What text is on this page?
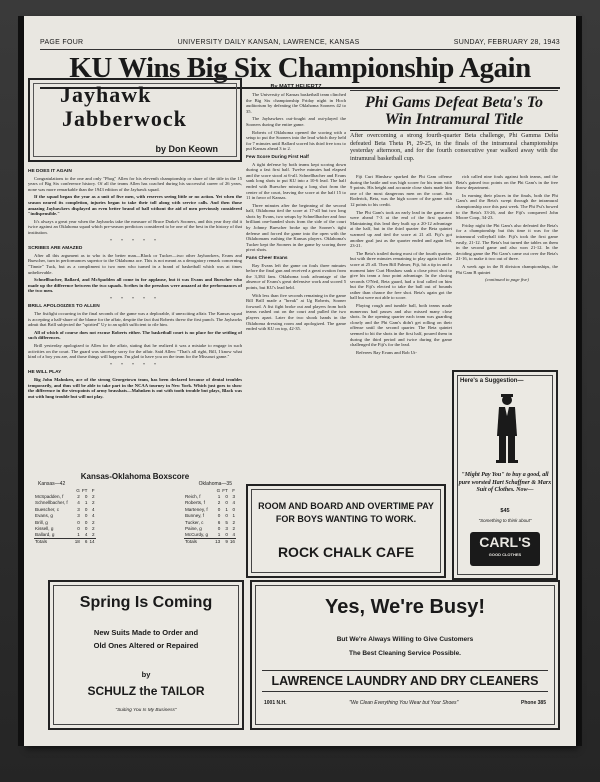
PAGE FOUR	UNIVERSITY DAILY KANSAN, LAWRENCE, KANSAS	SUNDAY, FEBRUARY 28, 1943
KU Wins Big Six Championship Again
Jayhawk
Jabberwock
by Don Keown
HE DOES IT AGAIN

Congratulations to the one and only "Phog" Allen for his eleventh championship or share of the title in the 15 years of Big Six conference history. Of all the teams Allen has coached during his successful career of 26 years, none was more remarkable than the 1943 edition of the Jayhawk squad.

If the squad began the year as a unit of five men, with reserves seeing little or no action. Yet when the season neared its completion, injuries began to take their toll along with service calls. And then those amazing Jayhawkers displayed an even better brand of ball without the aid of men previously considered "indispensible."

It's always a great year when the Jayhawks take the measure of Bruce Drake's Sooners, and this year they did it twice against an Oklahoma squad which pre-season predictors considered to be one of the best in the history of that institution.

* * * * *
SCRIBES ARE AMAZED

After all this argument as to who is the better man—Black or Tucker—two other Jayhawkers, Evans and Buescher, turn in performances superior to the Oklahoma ace. This is not meant as a derogatory remark concerning "Tinnie" Tuck, but as a compliment to two men who turned in a brand of basketball which was at times unbelievable.

Schnellbacher, Ballard, and McSpadden all come in for applause, but it was Evans and Buescher who made up the difference between the two squads. Scribes in the pressbox were amazed at the performances of the two men.

* * * * *
BRILL APOLOGIZES TO ALLEN

The fistfight occurring in the final seconds of the game was a deplorable, if unexciting affair. The Kansas squad is accepting a half-share of the blame for the affair, despite the fact that Roberts threw the first punch. The Jayhawks admit that Brill subjected the "spirited" Uy to an uplift sufficient to rile him.

All of which of course does not excuse Roberts either. The basketball court is no place for the settling of such differences.

Brill yesterday apologized to Allen for the affair, stating that he realized it was a mistake to engage in such activities on the court. The guard was sincerely sorry for the affair. Said Allen: "That's all right, Bill, I know what kind of a boy you are, and those things will happen. I'm glad to have you on the team for the Missouri game."

* * * * *
HE WILL PLAY

Big John Mahnken, ace of the strong Georgetown team, has been declared because of dental troubles temporarily, and thus will be able to take part in the NCAA tourney in New York. Which just goes to show the difference in the viewpoints of army brasshats—Mahnken is out with tooth trouble but plays, Black was out with lung trouble but will not play.

Kansas-Oklahoma Boxscore
Kansas—42	Oklahoma—35
	G	FT	F
McSpadden, f	2	0	2
Schnellbacher, f	4	1	2
Buescher, c	3	0	4
Evans, g	3	0	4
Brill, g	0	0	2
Kissell, g	0	0	2
Ballard, g	1	4	2
Totals	18	6	14
	G	FT	F
Reich, f	1	0	3
Roberts, f	2	0	4
Marteney, f	0	1	0
Bunney, f	0	0	1
Tucker, c	6	5	2
Paine, g	0	3	2
McCurdy, g	1	0	4
Totals	13	9	16
By MATT HEUERTZ

The University of Kansas basketball team clinched the Big Six championship Friday night in Hoch auditorium by defeating the Oklahoma Sooners 42 to 35.

The Jayhawkers out-fought and out-played the Sooners during the entire game.

Roberts of Oklahoma opened the scoring with a setup to put the Sooners into the lead which they held for 7 minutes until Ballard scored his third free toss to put Kansas ahead 3 to 2.

Few Score During First Half

A tight defense by both teams kept scoring down during a fast first half. Twelve minutes had elapsed and the score stood at 6-all. Schnellbacher and Evans sank long shots to put KU into a 10-6 lead. The half ended with Buescher missing a long shot from the center of the court, leaving the score at the half 15 to 11 in favor of Kansas.

Three minutes after the beginning of the second half, Oklahoma tied the score at 17-all but two long shots by Evans, two setups by Schnellbacher and four brilliant one-handed shots from the side of the court by Johnny Buescher broke up the Sooner's tight defense and forced the game into the open with the Oklahomans rushing the Kansas players. Oklahoma's Tucker kept the Sooners in the game by scoring three pivot shots.

Fans Cheer Evans

Ray Evans left the game on fouls three minutes before the final gun and received a great ovation from the 3,384 fans. Oklahoma took advantage of the absence of Evans's great defensive work and scored 5 points, but KU's lead held.

With less than five seconds remaining in the game Bill Brill made a "break" at Ug Roberts, Sooner forward. A fist fight broke out and players from both teams rushed out on the court and pulled the two players apart. Later the two shook hands in the Oklahoma dressing room and apologized. The game ended with KU on top, 42-35.

Phi Gams Defeat Beta's To Win Intramural Title
After overcoming a strong fourth-quarter Beta challenge, Phi Gamma Delta defeated Beta Theta Pi, 29-25, in the finals of the intramural championships yesterday afternoon, and for the fourth consecutive year walked away with the intramural basketball cup.

Fiji Curt Hinshaw sparked the Phi Gam offense during the battle and was high scorer for his team with 9 points. His height and accurate close shots made him one of the most dangerous men on the court. Jim Roderick, Beta, was the high scorer of the game with 12 points to his credit.

The Phi Gam's took an early lead in the game and were ahead 7-3 at the end of the first quarter. Maintaining this lead they built up a 20-12 advantage at the half, but in the third quarter the Beta quintet warmed up and tied the score at 21 all. Fiji's got another goal just as the quarter ended and again led, 23-21.

The Beta's trailed during most of the fourth quarter, but with three minutes remaining to play again tied the score at 25 all. Then Bill Palmer, Fiji, hit a tip in and a moment later Curt Hinshaw sank a close pivot shot to give his team a four point advantage. In the closing seconds O'Neil, Beta guard, had a foul called on him but the Fiji's elected to take the ball out of bounds rather than chance the free shot. Beta's again got the ball but were not able to score.

Playing rough and tumble ball, both teams made numerous bad passes and also missed many close shots. In the opening quarter each team was guarding closely and the Phi Gam's didn't get rolling on their offense until the second quarter. The Beta quintet seemed to hit the shots in the first half, poured them in during the third period and twice during the game challenged the Fiji's for the lead.

Referees Ray Evans and Bob Ut-

rich called nine fouls against both teams, and the Beta's gained two points on the Phi Gam's in the free throw department.

In earning their places in the finals, both the Phi Gam's and the Beta's swept through the intramural championship race this past week. The Phi Psi's bowed to the Beta's 33-26, and the Fiji's conquered John Moore Coop, 34-23.

Friday night the Phi Gam's also defeated the Beta's for a championship but this time it was for the intramural volleyball title. Fiji's took the first game easily, 21-12. The Beta's but turned the tables on them in the second game and also won 21-12. In the deciding game the Phi Gam's came out over the Beta's 21-16, to make it two out of three.

A week ago in the B division championships, the Phi Gam B quintet

(continued to page five)
Here's a Suggestion—
"Might Pay You" to buy a good, all pure worsted Hart Schaffner & Marx Suit of Clothes. Now—
$45
"Something to think about"
CARL'S
GOOD CLOTHES
ROOM AND BOARD AND OVERTIME PAY
FOR BOYS WANTING TO WORK.
ROCK CHALK CAFE
Spring Is Coming
New Suits Made to Order and
Old Ones Altered or Repaired
by
SCHULZ the TAILOR
"Suiting You Is My Business"
Yes, We're Busy!
But We're Always Willing to Give Customers
The Best Cleaning Service Possible.
LAWRENCE LAUNDRY AND DRY CLEANERS
1001 N.H.	"We Clean Everything You Wear but Your Shoes"	Phone 385
